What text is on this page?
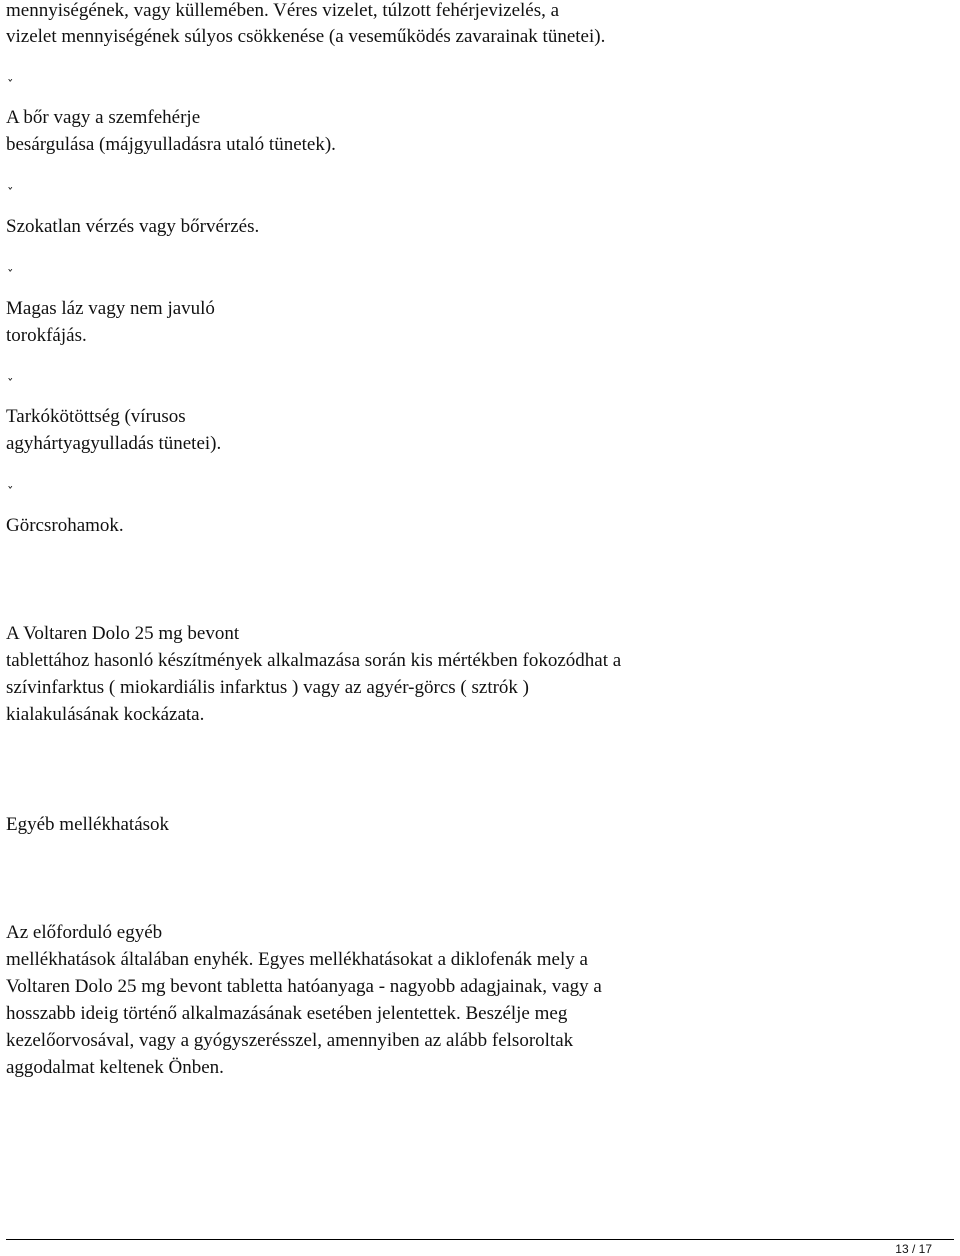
mennyiségének, vagy küllemében. Véres vizelet, túlzott fehérjevizelés, a

vizelet mennyiségének súlyos csökkenése (a veseműködés zavarainak tünetei).

ˇ

A bőr vagy a szemfehérje

besárgulása (májgyulladásra utaló tünetek).

ˇ

Szokatlan vérzés vagy bőrvérzés.

ˇ

Magas láz vagy nem javuló

torokfájás.

ˇ

Tarkókötöttség (vírusos

agyhártyagyulladás tünetei).

ˇ

Görcsrohamok.

A Voltaren Dolo 25 mg bevont

tablettához hasonló készítmények alkalmazása során kis mértékben fokozódhat a

szívinfarktus ( miokardiális infarktus ) vagy az agyér-görcs ( sztrók )

kialakulásának kockázata.

Egyéb mellékhatások

Az előforduló egyéb

mellékhatások általában enyhék. Egyes mellékhatásokat a diklofenák mely a

Voltaren Dolo 25 mg bevont tabletta hatóanyaga - nagyobb adagjainak, vagy a

hosszabb ideig történő alkalmazásának esetében jelentettek. Beszélje meg

kezelőorvosával, vagy a gyógyszerésszel, amennyiben az alább felsoroltak

aggodalmat keltenek Önben.

13 / 17
